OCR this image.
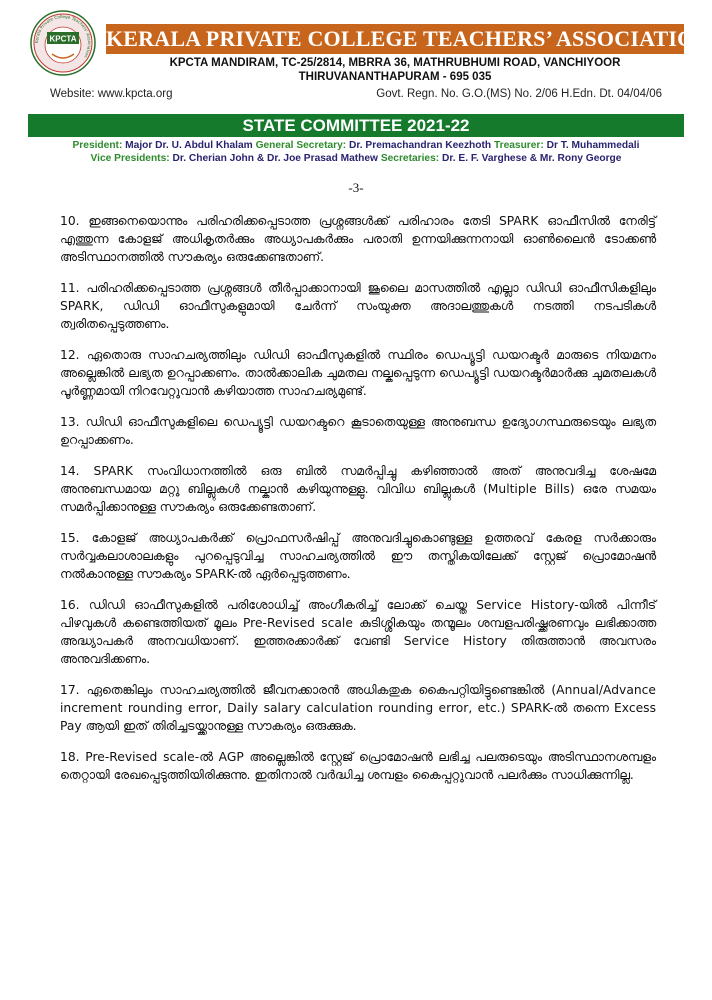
Kerala Private College Teachers' Association
KPCTA KERALA PRIVATE COLLEGE TEACHERS’ ASSOCIATION
KPCTA MANDIRAM, TC-25/2814, MBRRA 36, MATHRUBHUMI ROAD, VANCHIYOOR
THIRUVANANTHAPURAM - 695 035
Website: www.kpcta.org	Govt. Regn. No. G.O.(MS) No. 2/06 H.Edn. Dt. 04/04/06
STATE COMMITTEE 2021-22
President: Major Dr. U. Abdul Khalam General Secretary: Dr. Premachandran Keezhoth Treasurer: Dr T. Muhammedali
Vice Presidents: Dr. Cherian John & Dr. Joe Prasad Mathew Secretaries: Dr. E. F. Varghese & Mr. Rony George
-3-

10. ഇങ്ങനെയൊന്നും പരിഹരിക്കപ്പെടാത്ത പ്രശ്നങ്ങൾക്ക് പരിഹാരം തേടി SPARK ഓഫീസിൽ നേരിട്ട് എത്തുന്ന കോളജ് അധികൃതർക്കും അധ്യാപകർക്കും പരാതി ഉന്നയിക്കുന്നനായി ഓൺലൈൻ ടോക്കൺ അടിസ്ഥാനത്തിൽ സൗകര്യം ഒരുക്കേണ്ടതാണ്.

11. പരിഹരിക്കപ്പെടാത്ത പ്രശ്നങ്ങൾ തീർപ്പാക്കാനായി ജൂലൈ മാസത്തിൽ എല്ലാ ഡിഡി ഓഫീസികളിലും SPARK, ഡിഡി ഓഫീസുകളുമായി ചേർന്ന് സംയുക്ത അദാലത്തുകൾ നടത്തി നടപടികൾ ത്വരിതപ്പെടുത്തണം.

12. ഏതൊരു സാഹചര്യത്തിലും ഡിഡി ഓഫീസുകളിൽ സ്ഥിരം ഡെപ്യൂട്ടി ഡയറക്ടർ മാരുടെ നിയമനം അല്ലെങ്കിൽ ലഭ്യത ഉറപ്പാക്കണം. താൽക്കാലിക ചുമതല നല്കപ്പെടുന്ന ഡെപ്യൂട്ടി ഡയറക്ടർമാർക്കു ചുമതലകൾ പൂർണ്ണമായി നിറവേറ്റുവാൻ കഴിയാത്ത സാഹചര്യമുണ്ട്.

13. ഡിഡി ഓഫീസുകളിലെ ഡെപ്യൂട്ടി ഡയറക്ടറെ കൂടാതെയുള്ള അനുബന്ധ ഉദ്യോഗസ്ഥരുടെയും ലഭ്യത ഉറപ്പാക്കണം.

14. SPARK സംവിധാനത്തിൽ ഒരു ബിൽ സമർപ്പിച്ചു കഴിഞ്ഞാൽ അത് അനുവദിച്ച ശേഷമേ അനുബന്ധമായ മറ്റു ബില്ലുകൾ നല്കാൻ കഴിയുന്നുള്ളു. വിവിധ ബില്ലുകൾ (Multiple Bills) ഒരേ സമയം സമർപ്പിക്കാനുള്ള സൗകര്യം ഒരുക്കേണ്ടതാണ്.

15. കോളജ് അധ്യാപകർക്ക് പ്രൊഫസർഷിപ്പ് അനുവദിച്ചുകൊണ്ടുള്ള ഉത്തരവ് കേരള സർക്കാരും സർവ്വകലാശാലകളും പുറപ്പെടുവിച്ച സാഹചര്യത്തിൽ ഈ തസ്തികയിലേക്ക് സ്റ്റേജ് പ്രൊമോഷൻ നൽകാനുള്ള സൗകര്യം SPARK-ൽ ഏർപ്പെടുത്തണം.

16. ഡിഡി ഓഫീസുകളിൽ പരിശോധിച്ച് അംഗീകരിച്ച് ലോക്ക് ചെയ്ത Service History-യിൽ പിന്നീട് പിഴവുകൾ കണ്ടെത്തിയത് മൂലം Pre-Revised scale കുടിശ്ശികയും തന്മൂലം ശമ്പളപരിഷ്ക്കരണവും ലഭിക്കാത്ത അദ്ധ്യാപകർ അനവധിയാണ്. ഇത്തരക്കാർക്ക് വേണ്ടി Service History തിരുത്താൻ അവസരം അനുവദിക്കണം.

17. ഏതെങ്കിലും സാഹചര്യത്തിൽ ജീവനക്കാരൻ അധികതുക കൈപറ്റിയിട്ടുണ്ടെങ്കിൽ (Annual/Advance increment rounding error, Daily salary calculation rounding error, etc.) SPARK-ൽ തന്നെ Excess Pay ആയി ഇത് തിരിച്ചടയ്ക്കാനുള്ള സൗകര്യം ഒരുക്കുക.

18. Pre-Revised scale-ൽ AGP അല്ലെങ്കിൽ സ്റ്റേജ് പ്രൊമോഷൻ ലഭിച്ച പലരുടെയും അടിസ്ഥാനശമ്പളം തെറ്റായി രേഖപ്പെടുത്തിയിരിക്കുന്നു. ഇതിനാൽ വർദ്ധിച്ച ശമ്പളം കൈപ്പറ്റുവാൻ പലർക്കും സാധിക്കുന്നില്ല.
